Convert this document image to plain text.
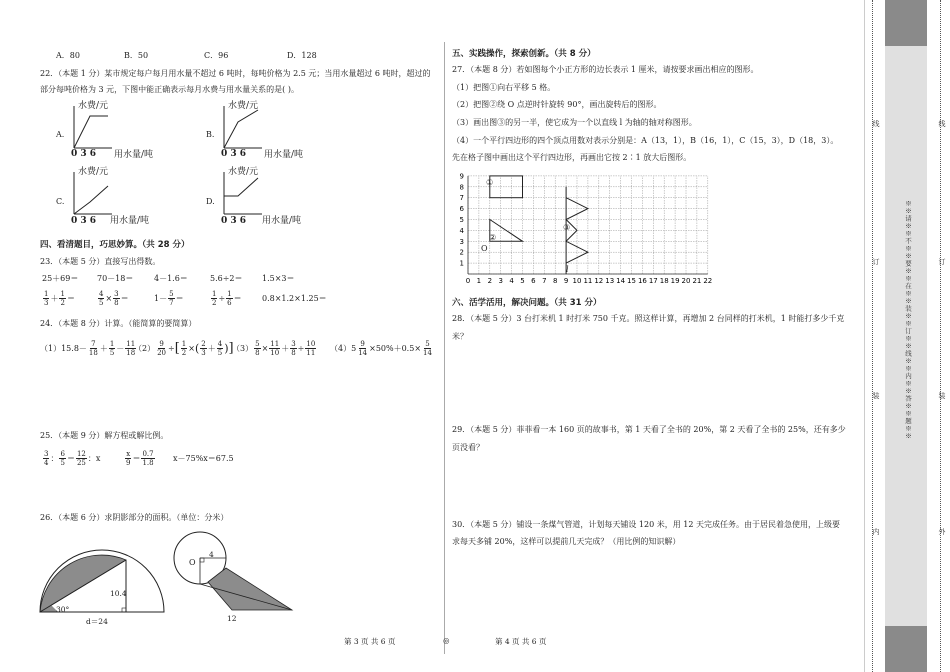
A．80	B．50	C．96	D．128
22．（本题 1 分）某市规定每户每月用水量不超过 6 吨时，每吨价格为 2.5 元；当用水量超过 6 吨时，超过的
部分每吨价格为 3 元，下图中能正确表示每月水费与用水量关系的是( )。
A.	B.
C.	D.
水费/元	水费/元
水费/元	水费/元
0 3 6	0 3 6
0 3 6	0 3 6
用水量/吨	用水量/吨
用水量/吨	用水量/吨
四、看清题目，巧思妙算。（共 28 分）
23．（本题 5 分）直接写出得数。
25＋69＝ 70－18＝	4－1.6＝	5.6÷2＝ 1.5×3＝
$\frac{1}{3} + \frac{1}{2}$ ＝	$\frac{4}{5} \times \frac{3}{8}$ ＝	$1- \frac{5}{7}$ ＝	$\frac{1}{2} \div \frac{1}{6}$ ＝	0.8×1.2×1.25＝
24．（本题 8 分）计算。（能简算的要简算）
（1） $15.8- \frac{7}{18} + \frac{1}{5} - \frac{11}{18}$
$(2) \frac{9}{20}$ ÷ [ $\frac{1}{2}$ × ( $\frac{2}{3} + \frac{4}{5}$ ) ]
$(3) \frac{5}{8} \times \frac{11}{10} + \frac{3}{8} \div \frac{10}{11} (4)$ $5 \frac{9}{14} \times 50\%+0.5\times \frac{5}{14}$
25．（本题 9 分）解方程或解比例。
$\frac{3}{4}$ ： $\frac{6}{5} = \frac{12}{25}$ ：x	$\frac{x}{9} = \frac{0.7}{1.8} x-75\%x=67.5$
26．（本题 6 分）求阴影部分的面积。（单位：分米）
10.4
30°
d＝24
O
4
12
五、实践操作，探索创新。（共 8 分）
27．（本题 8 分）若如图每个小正方形的边长表示 1 厘米，请按要求画出相应的图形。
（1）把图①向右平移 5 格。
（2）把图②绕 O 点逆时针旋转 90°，画出旋转后的图形。
（3）画出图③的另一半，使它成为一个以直线 l 为轴的轴对称图形。
（4）一个平行四边形的四个顶点用数对表示分别是：A（13，1），B（16，1），C（15，3），D（18，3）。
先在格子图中画出这个平行四边形，再画出它按 2∶1 放大后图形。
0 1 2 3 4 5 6 7 8 9 10 11 12 13 14 15 16 17 18 19 20 21 22
1
2
3
4
5
6
7
8
9
①
②
③
O
l
六、活学活用，解决问题。（共 31 分）
28．（本题 5 分）3 台打米机 1 时打米 750 千克。照这样计算，再增加 2 台同样的打米机，1 时能打多少千克
米？
29．（本题 5 分）菲菲看一本 160 页的故事书，第 1 天看了全书的 20%，第 2 天看了全书的 25%，还有多少
页没看？
30．（本题 5 分）铺设一条煤气管道，计划每天铺设 120 米，用 12 天完成任务。由于居民着急使用，上级要
求每天多铺 20%，这样可以提前几天完成？（用比例的知识解）
第 3 页 共 6 页	◎	第 4 页 共 6 页
※※请※※不※※要※※在※※装※※订※※线※※内※※答※※题※※
线
订
装
内
线
订
装
外
